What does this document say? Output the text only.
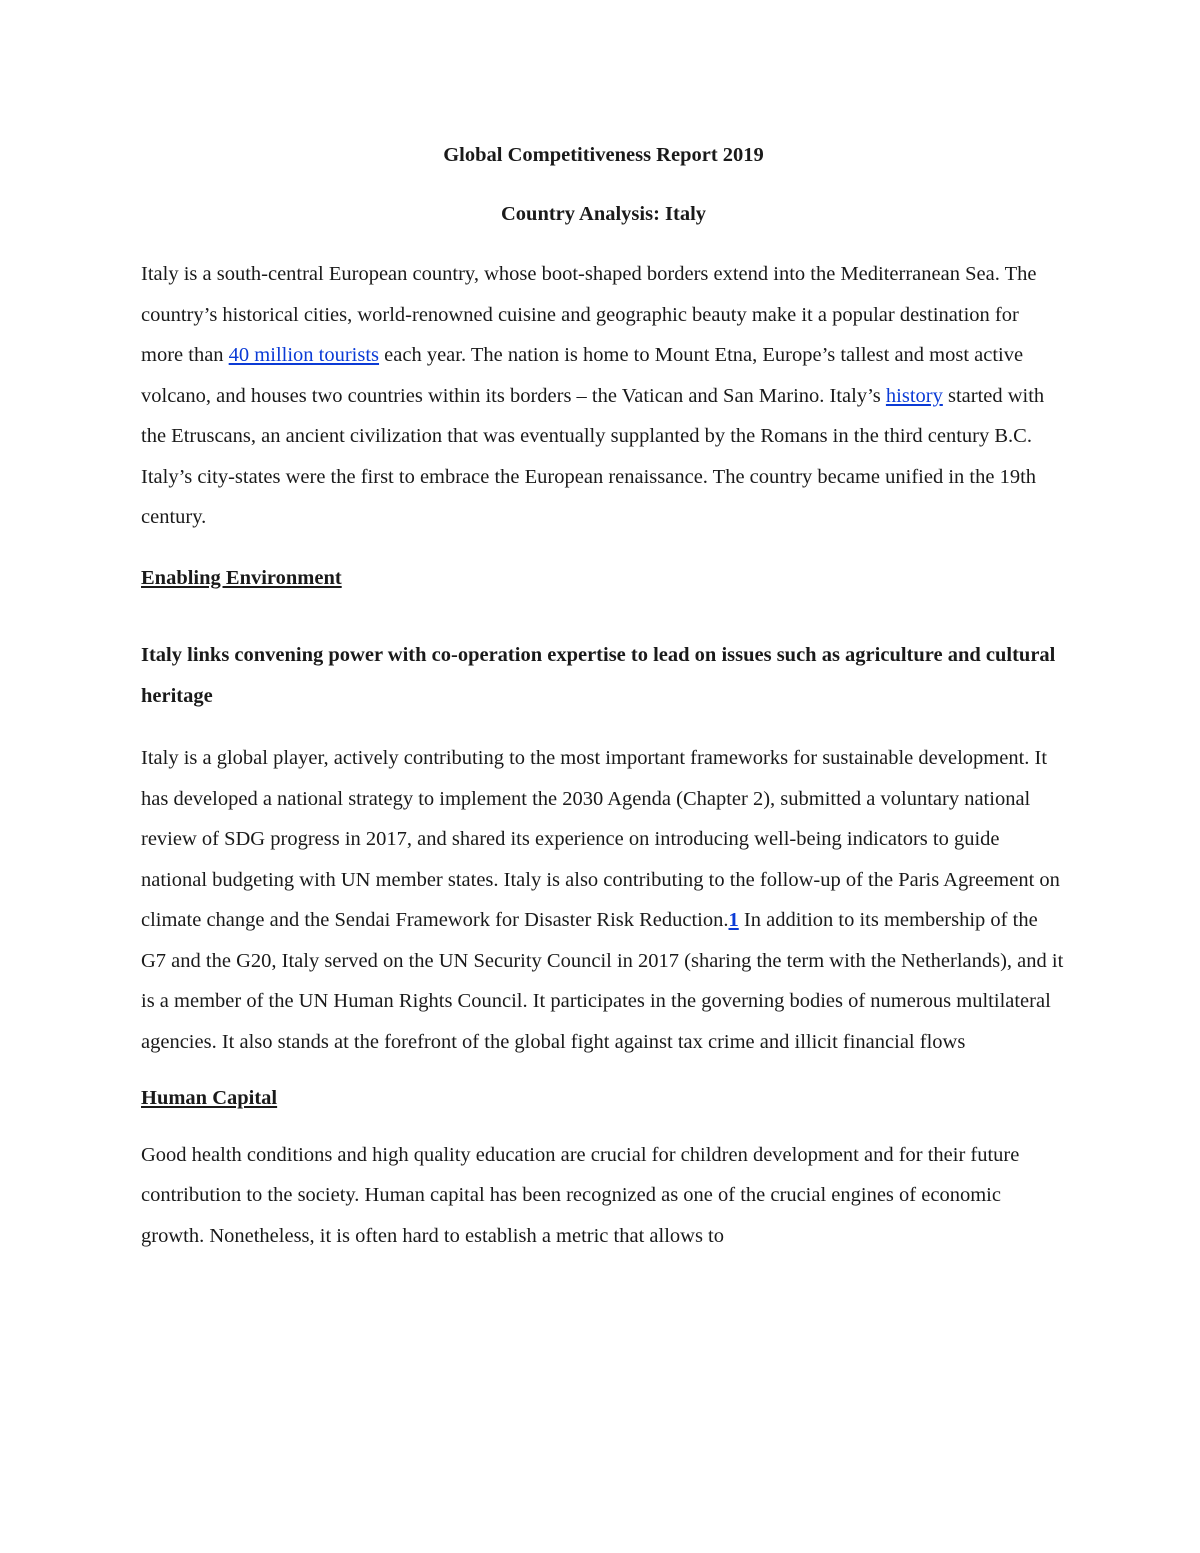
Global Competitiveness Report 2019

Country Analysis: Italy

Italy is a south-central European country, whose boot-shaped borders extend into the Mediterranean Sea. The country’s historical cities, world-renowned cuisine and geographic beauty make it a popular destination for more than 40 million tourists each year. The nation is home to Mount Etna, Europe’s tallest and most active volcano, and houses two countries within its borders – the Vatican and San Marino. Italy’s history started with the Etruscans, an ancient civilization that was eventually supplanted by the Romans in the third century B.C. Italy’s city-states were the first to embrace the European renaissance. The country became unified in the 19th century.

Enabling Environment

Italy links convening power with co-operation expertise to lead on issues such as agriculture and cultural heritage

Italy is a global player, actively contributing to the most important frameworks for sustainable development. It has developed a national strategy to implement the 2030 Agenda (Chapter 2), submitted a voluntary national review of SDG progress in 2017, and shared its experience on introducing well-being indicators to guide national budgeting with UN member states. Italy is also contributing to the follow-up of the Paris Agreement on climate change and the Sendai Framework for Disaster Risk Reduction.1 In addition to its membership of the G7 and the G20, Italy served on the UN Security Council in 2017 (sharing the term with the Netherlands), and it is a member of the UN Human Rights Council. It participates in the governing bodies of numerous multilateral agencies. It also stands at the forefront of the global fight against tax crime and illicit financial flows

Human Capital

Good health conditions and high quality education are crucial for children development and for their future contribution to the society. Human capital has been recognized as one of the crucial engines of economic growth. Nonetheless, it is often hard to establish a metric that allows to
